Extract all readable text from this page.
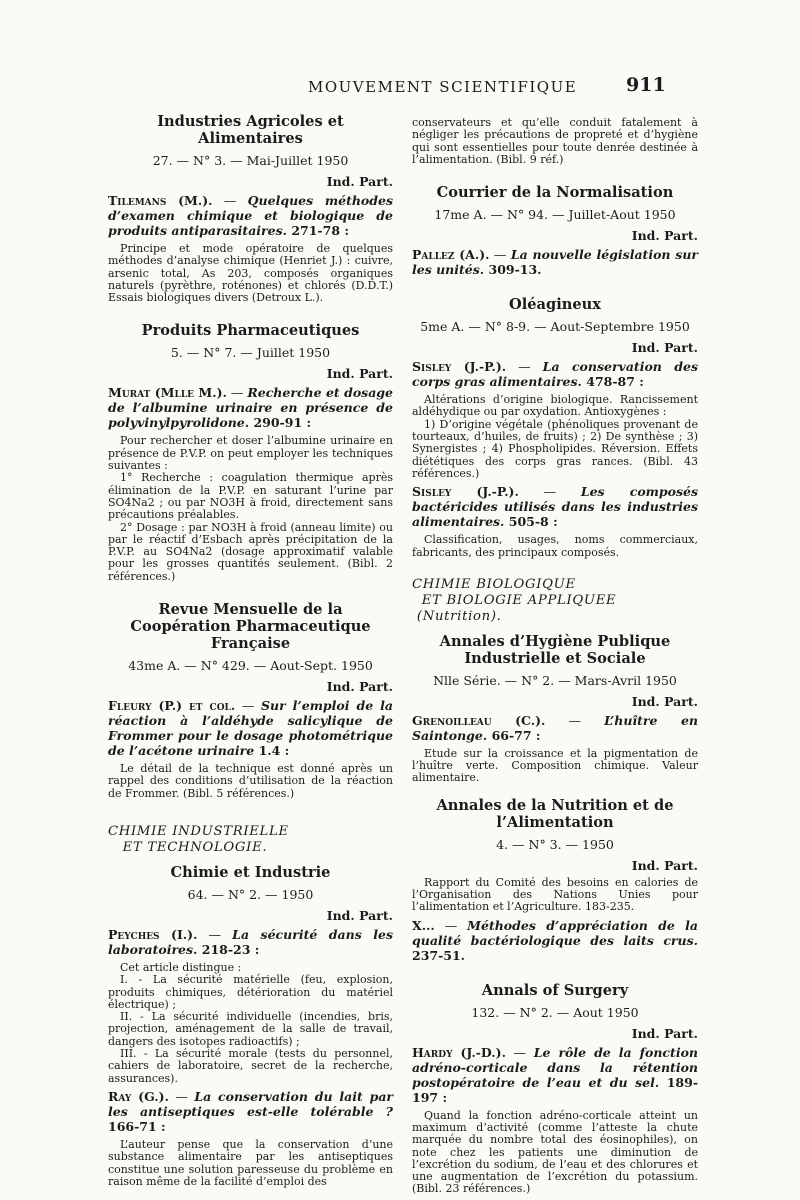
MOUVEMENT SCIENTIFIQUE	911
Industries Agricoles et Alimentaires
27. — N° 3. — Mai-Juillet 1950
Ind. Part.
Tilemans (M.). — Quelques méthodes d’examen chimique et biologique de produits antiparasitaires. 271-78 :

Principe et mode opératoire de quelques méthodes d’analyse chimique (Henriet J.) : cuivre, arsenic total, As 203, composés organiques naturels (pyrèthre, roténones) et chlorés (D.D.T.) Essais biologiques divers (Detroux L.).

Produits Pharmaceutiques
5. — N° 7. — Juillet 1950
Ind. Part.
Murat (Mlle M.). — Recherche et dosage de l’albumine urinaire en présence de polyvinylpyrolidone. 290-91 :

Pour rechercher et doser l’albumine urinaire en présence de P.V.P. on peut employer les techniques suivantes :

1° Recherche : coagulation thermique après élimination de la P.V.P. en saturant l’urine par SO4Na2 ; ou par NO3H à froid, directement sans précautions préalables.

2° Dosage : par NO3H à froid (anneau limite) ou par le réactif d’Esbach après précipitation de la P.V.P. au SO4Na2 (dosage approximatif valable pour les grosses quantités seulement. (Bibl. 2 références.)

Revue Mensuelle de la Coopération Pharmaceutique Française
43me A. — N° 429. — Aout-Sept. 1950
Ind. Part.
Fleury (P.) et col. — Sur l’emploi de la réaction à l’aldéhyde salicylique de Frommer pour le dosage photométrique de l’acétone urinaire 1.4 :

Le détail de la technique est donné après un rappel des conditions d’utilisation de la réaction de Frommer. (Bibl. 5 références.)

CHIMIE INDUSTRIELLE
ET TECHNOLOGIE.
Chimie et Industrie
64. — N° 2. — 1950
Ind. Part.
Peyches (I.). — La sécurité dans les laboratoires. 218-23 :

Cet article distingue :

I. - La sécurité matérielle (feu, explosion, produits chimiques, détérioration du matériel électrique) ;

II. - La sécurité individuelle (incendies, bris, projection, aménagement de la salle de travail, dangers des isotopes radioactifs) ;

III. - La sécurité morale (tests du personnel, cahiers de laboratoire, secret de la recherche, assurances).

Ray (G.). — La conservation du lait par les antiseptiques est-elle tolérable ? 166-71 :

L’auteur pense que la conservation d’une substance alimentaire par les antiseptiques constitue une solution paresseuse du problème en raison même de la facilité d’emploi des

conservateurs et qu’elle conduit fatalement à négliger les précautions de propreté et d’hygiène qui sont essentielles pour toute denrée destinée à l’alimentation. (Bibl. 9 réf.)

Courrier de la Normalisation
17me A. — N° 94. — Juillet-Aout 1950
Ind. Part.
Pallez (A.). — La nouvelle législation sur les unités. 309-13.
Oléagineux
5me A. — N° 8-9. — Aout-Septembre 1950
Ind. Part.
Sisley (J.-P.). — La conservation des corps gras alimentaires. 478-87 :

Altérations d’origine biologique. Rancissement aldéhydique ou par oxydation. Antioxygènes :

1) D’origine végétale (phénoliques provenant de tourteaux, d’huiles, de fruits) ; 2) De synthèse ; 3) Synergistes ; 4) Phospholipides. Réversion. Effets diététiques des corps gras rances. (Bibl. 43 références.)

Sisley (J.-P.). — Les composés bactéricides utilisés dans les industries alimentaires. 505-8 :

Classification, usages, noms commerciaux, fabricants, des principaux composés.

CHIMIE BIOLOGIQUE
ET BIOLOGIE APPLIQUEE
(Nutrition).
Annales d’Hygiène Publique Industrielle et Sociale
Nlle Série. — N° 2. — Mars-Avril 1950
Ind. Part.
Grenoilleau (C.). — L’huître en Saintonge. 66-77 :

Etude sur la croissance et la pigmentation de l’huître verte. Composition chimique. Valeur alimentaire.

Annales de la Nutrition et de l’Alimentation
4. — N° 3. — 1950
Ind. Part.

Rapport du Comité des besoins en calories de l’Organisation des Nations Unies pour l’alimentation et l’Agriculture. 183-235.

X... — Méthodes d’appréciation de la qualité bactériologique des laits crus. 237-51.
Annals of Surgery
132. — N° 2. — Aout 1950
Ind. Part.
Hardy (J.-D.). — Le rôle de la fonction adréno-corticale dans la rétention postopératoire de l’eau et du sel. 189-197 :

Quand la fonction adréno-corticale atteint un maximum d’activité (comme l’atteste la chute marquée du nombre total des éosinophiles), on note chez les patients une diminution de l’excrétion du sodium, de l’eau et des chlorures et une augmentation de l’excrétion du potassium. (Bibl. 23 références.)
